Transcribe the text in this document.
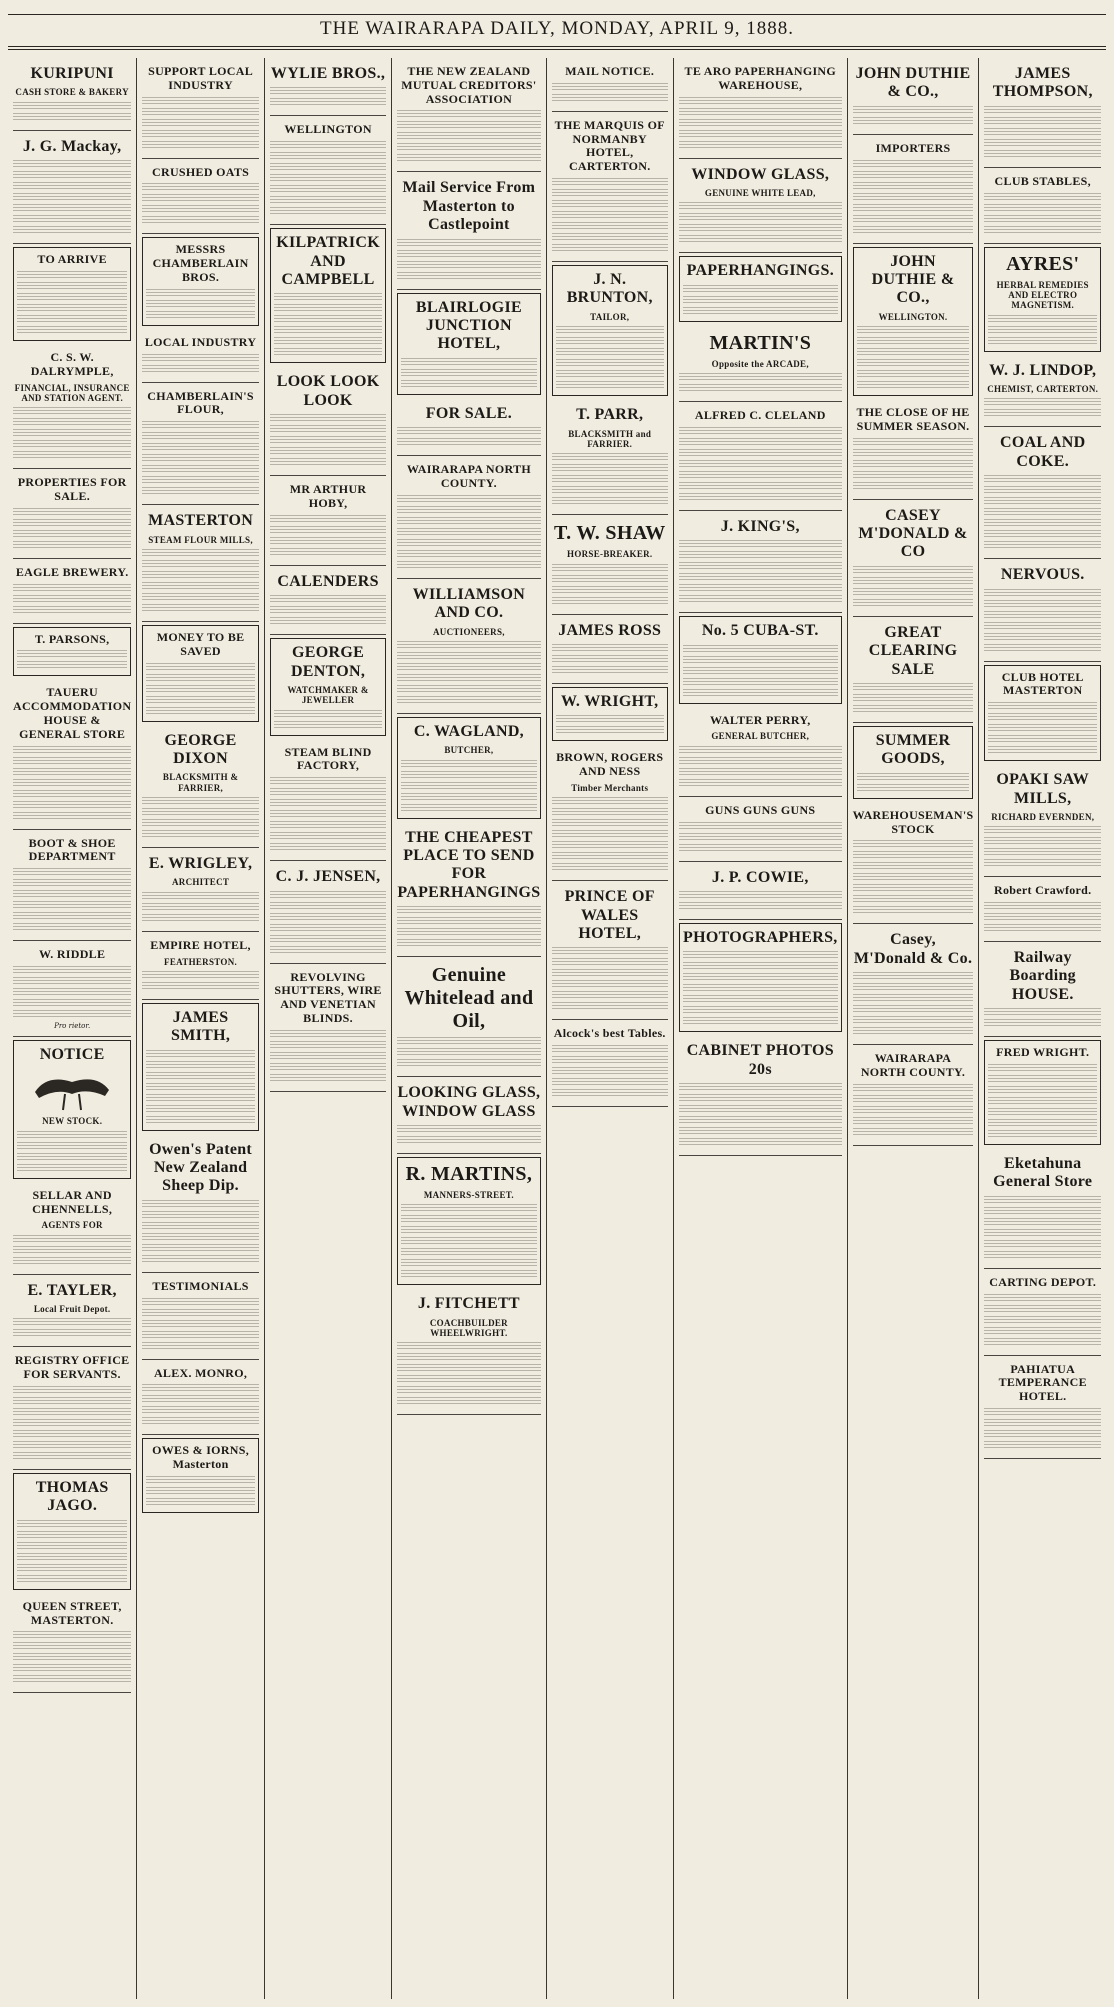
THE WAIRARAPA DAILY, MONDAY, APRIL 9, 1888.
KURIPUNI
CASH STORE & BAKERY
J. G. Mackay,
TO ARRIVE
C. S. W. DALRYMPLE,
FINANCIAL, INSURANCE AND STATION AGENT.
PROPERTIES FOR SALE.
EAGLE BREWERY.
T. PARSONS,
TAUERU ACCOMMODATION HOUSE & GENERAL STORE
BOOT & SHOE DEPARTMENT
W. RIDDLE
Pro rietor.
NOTICE
NEW STOCK.
SELLAR AND CHENNELLS,
AGENTS FOR
E. TAYLER,
Local Fruit Depot.
REGISTRY OFFICE FOR SERVANTS.
THOMAS JAGO.
QUEEN STREET, MASTERTON.
SUPPORT LOCAL INDUSTRY
CRUSHED OATS
MESSRS CHAMBERLAIN BROS.
LOCAL INDUSTRY
CHAMBERLAIN'S FLOUR,
MASTERTON
STEAM FLOUR MILLS,
MONEY TO BE SAVED
GEORGE DIXON
BLACKSMITH & FARRIER,
E. WRIGLEY,
ARCHITECT
EMPIRE HOTEL,
FEATHERSTON.
JAMES SMITH,
Owen's Patent New Zealand Sheep Dip.
TESTIMONIALS
ALEX. MONRO,
OWES & IORNS, Masterton
WYLIE BROS.,
WELLINGTON
KILPATRICK AND CAMPBELL
LOOK LOOK LOOK
MR ARTHUR HOBY,
CALENDERS
GEORGE DENTON,
WATCHMAKER & JEWELLER
STEAM BLIND FACTORY,
C. J. JENSEN,
REVOLVING SHUTTERS, WIRE AND VENETIAN BLINDS.
THE NEW ZEALAND MUTUAL CREDITORS' ASSOCIATION
Mail Service From Masterton to Castlepoint
BLAIRLOGIE JUNCTION HOTEL,
FOR SALE.
WAIRARAPA NORTH COUNTY.
WILLIAMSON AND CO.
AUCTIONEERS,
C. WAGLAND,
BUTCHER,
THE CHEAPEST PLACE TO SEND FOR PAPERHANGINGS
Genuine Whitelead and Oil,
LOOKING GLASS, WINDOW GLASS
R. MARTINS,
MANNERS-STREET.
J. FITCHETT
COACHBUILDER WHEELWRIGHT.
MAIL NOTICE.
THE MARQUIS OF NORMANBY HOTEL, CARTERTON.
J. N. BRUNTON,
TAILOR,
T. PARR,
BLACKSMITH and FARRIER.
T. W. SHAW
HORSE-BREAKER.
JAMES ROSS
W. WRIGHT,
BROWN, ROGERS AND NESS
Timber Merchants
PRINCE OF WALES HOTEL,
Alcock's best Tables.
TE ARO PAPERHANGING WAREHOUSE,
WINDOW GLASS,
GENUINE WHITE LEAD,
PAPERHANGINGS.
MARTIN'S
Opposite the ARCADE,
ALFRED C. CLELAND
J. KING'S,
No. 5 CUBA-ST.
WALTER PERRY,
GENERAL BUTCHER,
GUNS GUNS GUNS
J. P. COWIE,
PHOTOGRAPHERS,
CABINET PHOTOS 20s
JOHN DUTHIE & CO.,
IMPORTERS
JOHN DUTHIE & CO.,
WELLINGTON.
THE CLOSE OF HE SUMMER SEASON.
CASEY M'DONALD & CO
GREAT CLEARING SALE
SUMMER GOODS,
WAREHOUSEMAN'S STOCK
Casey, M'Donald & Co.
WAIRARAPA NORTH COUNTY.
JAMES THOMPSON,
CLUB STABLES,
AYRES'
HERBAL REMEDIES AND ELECTRO MAGNETISM.
W. J. LINDOP,
CHEMIST, CARTERTON.
COAL AND COKE.
NERVOUS.
CLUB HOTEL MASTERTON
OPAKI SAW MILLS,
RICHARD EVERNDEN,
Robert Crawford.
Railway Boarding HOUSE.
FRED WRIGHT.
Eketahuna General Store
CARTING DEPOT.
PAHIATUA TEMPERANCE HOTEL.
